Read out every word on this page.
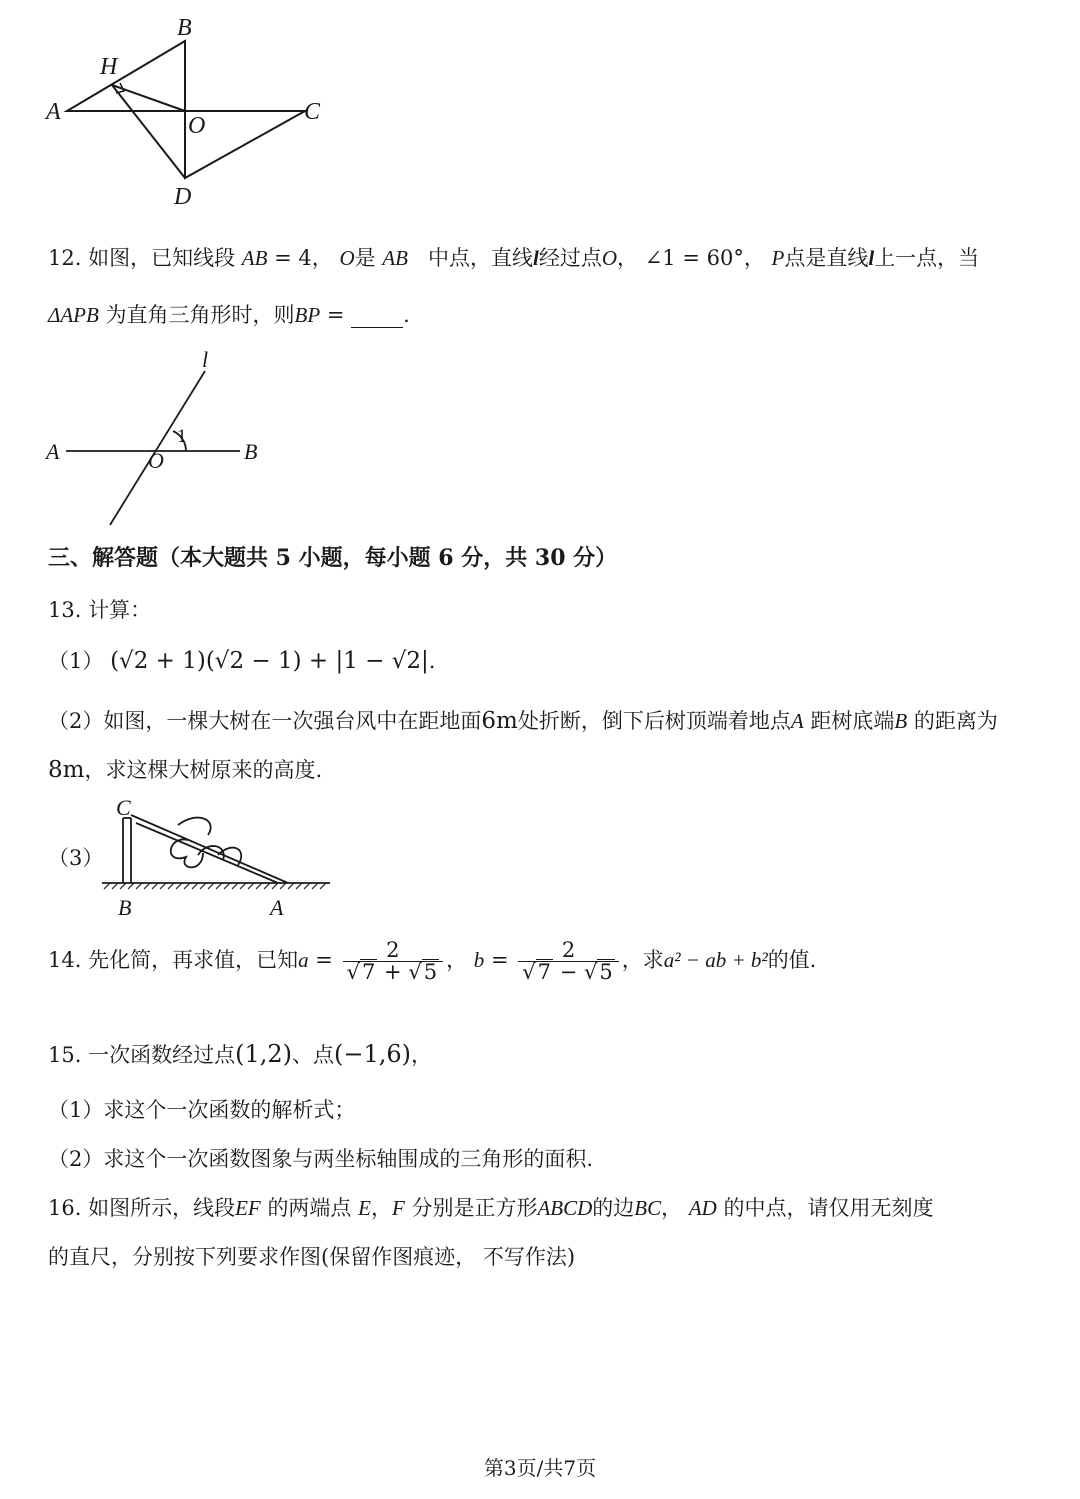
B
H
A
O
C
D
12. 如图，已知线段 AB = 4， O是 AB 中点，直线l经过点O， ∠1 = 60°， P点是直线l上一点，当
ΔAPB 为直角三角形时，则BP =	.
l
1
A	O	B
三、解答题（本大题共 5 小题，每小题 6 分，共 30 分）
13. 计算：
（1） (√2 + 1)(√2 − 1) + |1 − √2|.
（2）如图，一棵大树在一次强台风中在距地面6m处折断，倒下后树顶端着地点A 距树底端B 的距离为
8m，求这棵大树原来的高度.
（3）
C
B	A
14. 先化简，再求值，已知$a = \frac{2}{√7 + √5}$ ， $b = \frac{2}{√7 - √5}$ ，求a² − ab + b²的值.
15. 一次函数经过点(1,2)、点(−1,6)，
（1）求这个一次函数的解析式；
（2）求这个一次函数图象与两坐标轴围成的三角形的面积.
16. 如图所示，线段EF 的两端点 E，F 分别是正方形ABCD的边BC， AD 的中点，请仅用无刻度
的直尺，分别按下列要求作图(保留作图痕迹， 不写作法)
第3页/共7页
